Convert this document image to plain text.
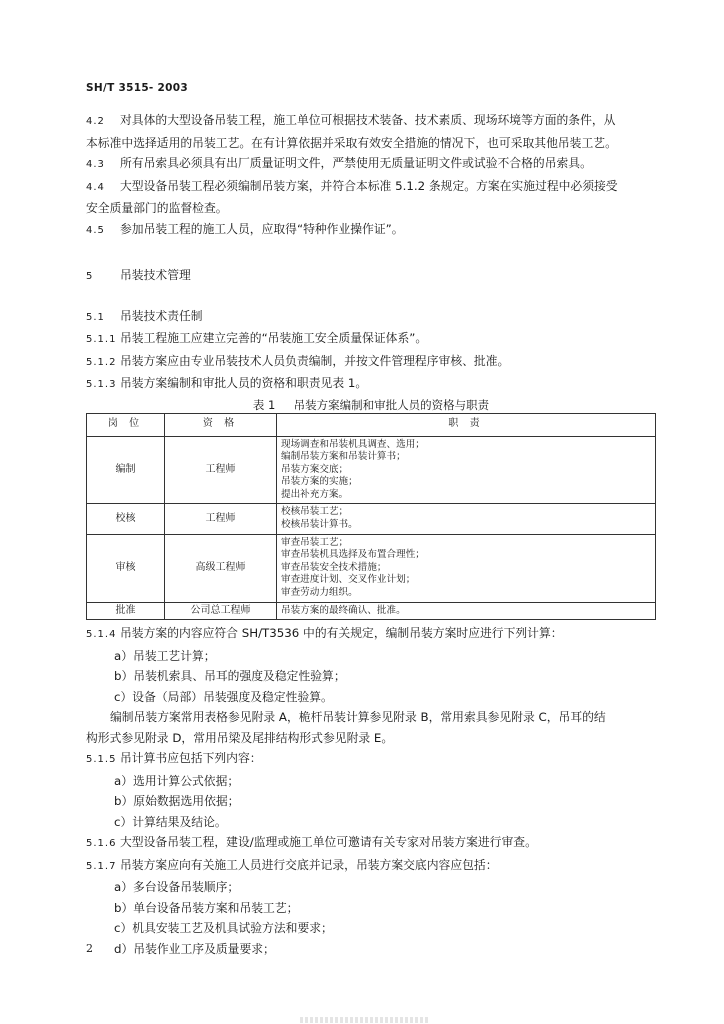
SH/T 3515- 2003

4.2 对具体的大型设备吊装工程，施工单位可根据技术装备、技术素质、现场环境等方面的条件，从

本标准中选择适用的吊装工艺。在有计算依据并采取有效安全措施的情况下，也可采取其他吊装工艺。

4.3 所有吊索具必须具有出厂质量证明文件，严禁使用无质量证明文件或试验不合格的吊索具。

4.4 大型设备吊装工程必须编制吊装方案，并符合本标准 5.1.2 条规定。方案在实施过程中必须接受

安全质量部门的监督检查。

4.5 参加吊装工程的施工人员，应取得“特种作业操作证”。

5 吊装技术管理

5.1 吊装技术责任制

5.1.1 吊装工程施工应建立完善的“吊装施工安全质量保证体系”。

5.1.2 吊装方案应由专业吊装技术人员负责编制，并按文件管理程序审核、批准。

5.1.3 吊装方案编制和审批人员的资格和职责见表 1。

表 1 吊装方案编制和审批人员的资格与职责
岗 位	资 格	职 责
编制	工程师	现场调查和吊装机具调查、选用；
编制吊装方案和吊装计算书；
吊装方案交底；
吊装方案的实施；
提出补充方案。

校核	工程师	校核吊装工艺；
校核吊装计算书。

审核	高级工程师	审查吊装工艺；
审查吊装机具选择及布置合理性；
审查吊装安全技术措施；
审查进度计划、交叉作业计划；
审查劳动力组织。

批准	公司总工程师	吊装方案的最终确认、批准。

5.1.4 吊装方案的内容应符合 SH/T3536 中的有关规定，编制吊装方案时应进行下列计算：

a）吊装工艺计算；

b）吊装机索具、吊耳的强度及稳定性验算；

c）设备（局部）吊装强度及稳定性验算。

编制吊装方案常用表格参见附录 A，桅杆吊装计算参见附录 B，常用索具参见附录 C，吊耳的结

构形式参见附录 D，常用吊梁及尾排结构形式参见附录 E。

5.1.5 吊计算书应包括下列内容：

a）选用计算公式依据；

b）原始数据选用依据；

c）计算结果及结论。

5.1.6 大型设备吊装工程，建设/监理或施工单位可邀请有关专家对吊装方案进行审查。

5.1.7 吊装方案应向有关施工人员进行交底并记录，吊装方案交底内容应包括：

a）多台设备吊装顺序；

b）单台设备吊装方案和吊装工艺；

c）机具安装工艺及机具试验方法和要求；

d）吊装作业工序及质量要求；

2
